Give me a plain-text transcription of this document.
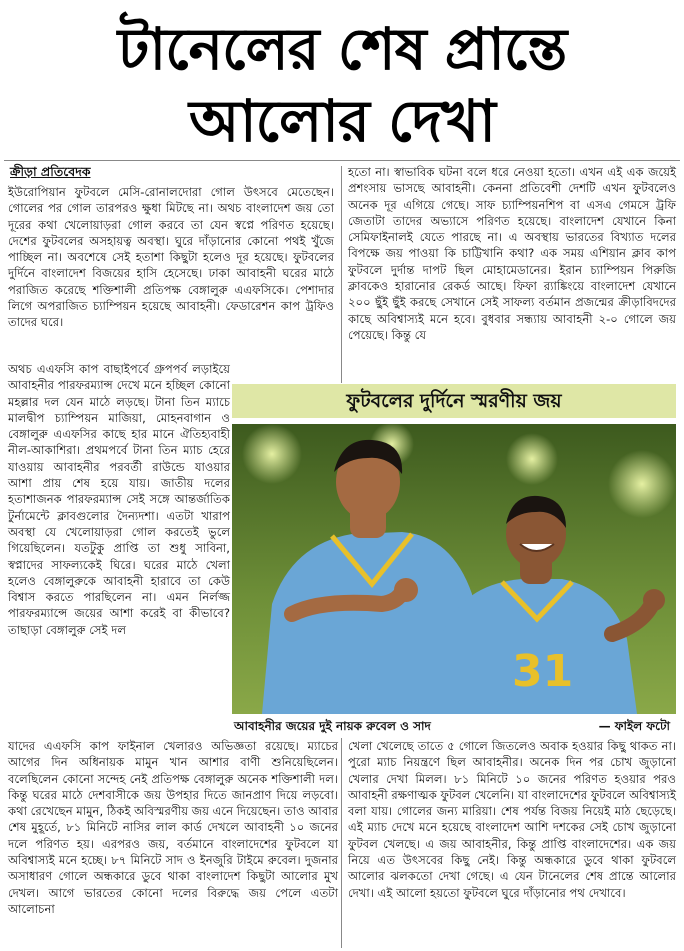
টানেলের শেষ প্রান্তে
আলোর দেখা
ক্রীড়া প্রতিবেদক

ইউরোপিয়ান ফুটবলে মেসি-রোনালদোরা গোল উৎসবে মেতেছেন। গোলের পর গোল তারপরও ক্ষুধা মিটছে না। অথচ বাংলাদেশ জয় তো দূরের কথা খেলোয়াড়রা গোল করবে তা যেন স্বপ্নে পরিণত হয়েছে। দেশের ফুটবলের অসহায়ত্ব অবস্থা। ঘুরে দাঁড়ানোর কোনো পথই খুঁজে পাচ্ছিল না। অবশেষে সেই হতাশা কিছুটা হলেও দূর হয়েছে। ফুটবলের দুর্দিনে বাংলাদেশ বিজয়ের হাসি হেসেছে। ঢাকা আবাহনী ঘরের মাঠে পরাজিত করেছে শক্তিশালী প্রতিপক্ষ বেঙ্গালুরু এএফসিকে। পেশাদার লিগে অপরাজিত চ্যাম্পিয়ন হয়েছে আবাহনী। ফেডারেশন কাপ ট্রফিও তাদের ঘরে।

হতো না। স্বাভাবিক ঘটনা বলে ধরে নেওয়া হতো। এখন এই এক জয়েই প্রশংসায় ভাসছে আবাহনী। কেননা প্রতিবেশী দেশটি এখন ফুটবলেও অনেক দূর এগিয়ে গেছে। সাফ চ্যাম্পিয়নশিপ বা এসএ গেমসে ট্রফি জেতাটা তাদের অভ্যাসে পরিণত হয়েছে। বাংলাদেশ যেখানে কিনা সেমিফাইনালই যেতে পারছে না। এ অবস্থায় ভারতের বিখ্যাত দলের বিপক্ষে জয় পাওয়া কি চাট্টিখানি কথা? এক সময় এশিয়ান ক্লাব কাপ ফুটবলে দুর্দান্ত দাপট ছিল মোহামেডানের। ইরান চ্যাম্পিয়ন পিরুজি ক্লাবকেও হারানোর রেকর্ড আছে। ফিফা র‍্যাঙ্কিংয়ে বাংলাদেশ যেখানে ২০০ ছুঁই ছুঁই করছে সেখানে সেই সাফল্য বর্তমান প্রজন্মের ক্রীড়াবিদদের কাছে অবিশ্বাস্যই মনে হবে। বুধবার সন্ধ্যায় আবাহনী ২-০ গোলে জয় পেয়েছে। কিন্তু যে

অথচ এএফসি কাপ বাছাইপর্বে গ্রুপপর্ব লড়াইয়ে আবাহনীর পারফরম্যান্স দেখে মনে হচ্ছিল কোনো মহল্লার দল যেন মাঠে লড়ছে। টানা তিন ম্যাচে মালদ্বীপ চ্যাম্পিয়ন মাজিয়া, মোহনবাগান ও বেঙ্গালুরু এএফসির কাছে হার মানে ঐতিহ্যবাহী নীল-আকাশিরা। প্রথমপর্বে টানা তিন ম্যাচ হেরে যাওয়ায় আবাহনীর পরবর্তী রাউন্ডে যাওয়ার আশা প্রায় শেষ হয়ে যায়। জাতীয় দলের হতাশাজনক পারফরম্যান্স সেই সঙ্গে আন্তর্জাতিক টুর্নামেন্টে ক্লাবগুলোর দৈন্যদশা। এতটা খারাপ অবস্থা যে খেলোয়াড়রা গোল করতেই ভুলে গিয়েছিলেন। যতটুকু প্রাপ্তি তা শুধু সাবিনা, স্বপ্নাদের সাফল্যকেই ঘিরে। ঘরের মাঠে খেলা হলেও বেঙ্গালুরুকে আবাহনী হারাবে তা কেউ বিশ্বাস করতে পারছিলেন না। এমন নির্লজ্জ পারফরম্যান্সে জয়ের আশা করেই বা কীভাবে? তাছাড়া বেঙ্গালুরু সেই দল

ফুটবলের দুর্দিনে স্মরণীয় জয়
31
আবাহনীর জয়ের দুই নায়ক রুবেল ও সাদ	— ফাইল ফটো

যাদের এএফসি কাপ ফাইনাল খেলারও অভিজ্ঞতা রয়েছে। ম্যাচের আগের দিন অধিনায়ক মামুন খান আশার বাণী শুনিয়েছিলেন। বলেছিলেন কোনো সন্দেহ নেই প্রতিপক্ষ বেঙ্গালুরু অনেক শক্তিশালী দল। কিন্তু ঘরের মাঠে দেশবাসীকে জয় উপহার দিতে জানপ্রাণ দিয়ে লড়বো। কথা রেখেছেন মামুন, ঠিকই অবিস্মরণীয় জয় এনে দিয়েছেন। তাও আবার শেষ মুহূর্তে, ৮১ মিনিটে নাসির লাল কার্ড দেখলে আবাহনী ১০ জনের দলে পরিণত হয়। এরপরও জয়, বর্তমানে বাংলাদেশের ফুটবলে যা অবিশ্বাস্যই মনে হচ্ছে। ৮৭ মিনিটে সাদ ও ইনজুরি টাইমে রুবেল। দুজনার অসাধারণ গোলে অন্ধকারে ডুবে থাকা বাংলাদেশ কিছুটা আলোর মুখ দেখল। আগে ভারতের কোনো দলের বিরুদ্ধে জয় পেলে এতটা আলোচনা

খেলা খেলেছে তাতে ৫ গোলে জিতলেও অবাক হওয়ার কিছু থাকত না। পুরো ম্যাচ নিয়ন্ত্রণে ছিল আবাহনীর। অনেক দিন পর চোখ জুড়ানো খেলার দেখা মিলল। ৮১ মিনিটে ১০ জনের পরিণত হওয়ার পরও আবাহনী রক্ষণাত্মক ফুটবল খেলেনি। যা বাংলাদেশের ফুটবলে অবিশ্বাস্যই বলা যায়। গোলের জন্য মারিয়া। শেষ পর্যন্ত বিজয় নিয়েই মাঠ ছেড়েছে। এই ম্যাচ দেখে মনে হয়েছে বাংলাদেশ আশি দশকের সেই চোখ জুড়ানো ফুটবল খেলছে। এ জয় আবাহনীর, কিন্তু প্রাপ্তি বাংলাদেশের। এক জয় নিয়ে এত উৎসবের কিছু নেই। কিন্তু অন্ধকারে ডুবে থাকা ফুটবলে আলোর ঝলকতো দেখা গেছে। এ যেন টানেলের শেষ প্রান্তে আলোর দেখা। এই আলো হয়তো ফুটবলে ঘুরে দাঁড়ানোর পথ দেখাবে।
